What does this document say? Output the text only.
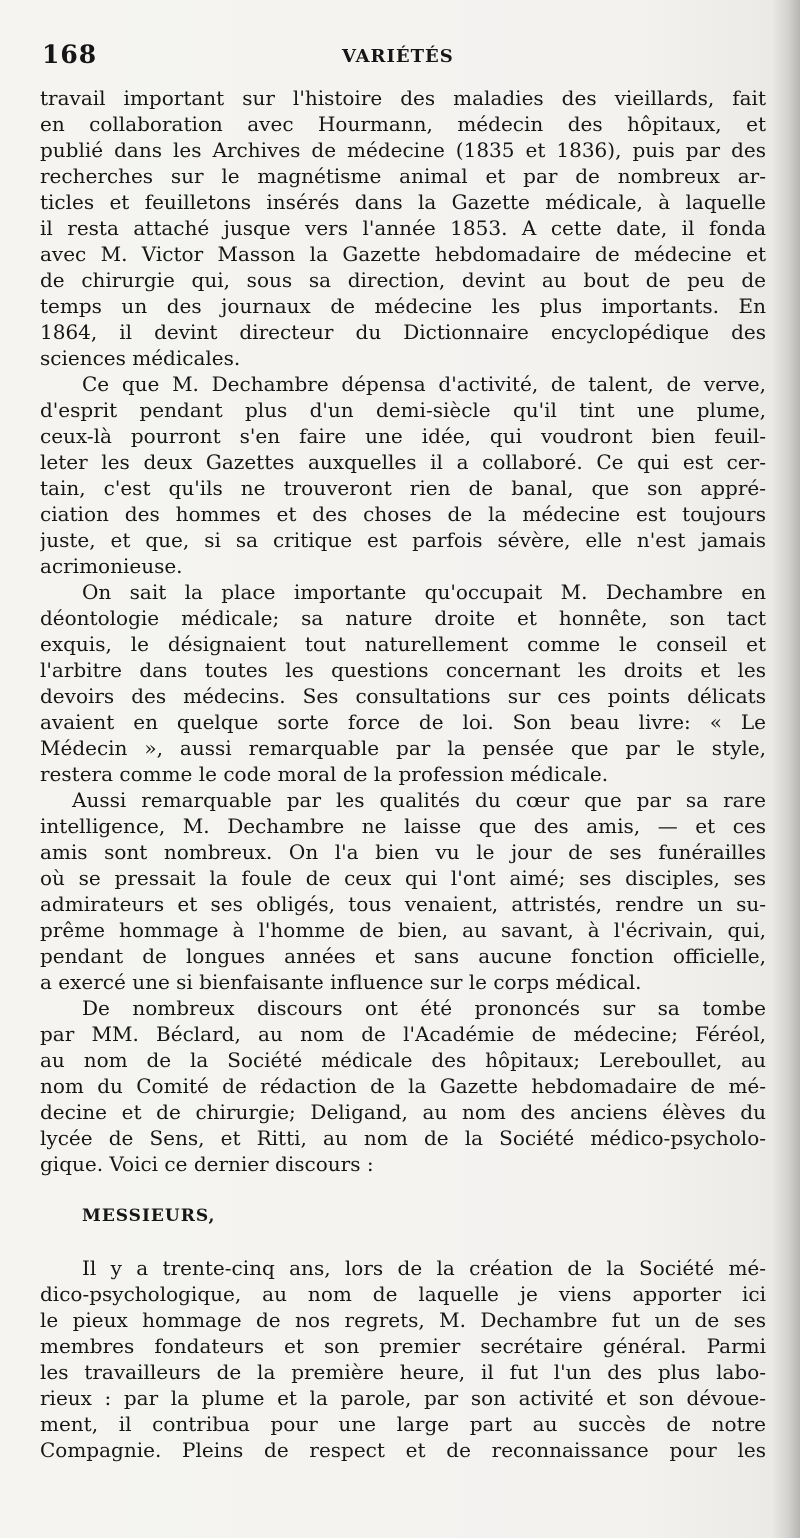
168	VARIÉTÉS
travail important sur l'histoire des maladies des vieillards, fait
en collaboration avec Hourmann, médecin des hôpitaux, et
publié dans les Archives de médecine (1835 et 1836), puis par des
recherches sur le magnétisme animal et par de nombreux ar-
ticles et feuilletons insérés dans la Gazette médicale, à laquelle
il resta attaché jusque vers l'année 1853. A cette date, il fonda
avec M. Victor Masson la Gazette hebdomadaire de médecine et
de chirurgie qui, sous sa direction, devint au bout de peu de
temps un des journaux de médecine les plus importants. En
1864, il devint directeur du Dictionnaire encyclopédique des
sciences médicales.
Ce que M. Dechambre dépensa d'activité, de talent, de verve,
d'esprit pendant plus d'un demi-siècle qu'il tint une plume,
ceux-là pourront s'en faire une idée, qui voudront bien feuil-
leter les deux Gazettes auxquelles il a collaboré. Ce qui est cer-
tain, c'est qu'ils ne trouveront rien de banal, que son appré-
ciation des hommes et des choses de la médecine est toujours
juste, et que, si sa critique est parfois sévère, elle n'est jamais
acrimonieuse.
On sait la place importante qu'occupait M. Dechambre en
déontologie médicale; sa nature droite et honnête, son tact
exquis, le désignaient tout naturellement comme le conseil et
l'arbitre dans toutes les questions concernant les droits et les
devoirs des médecins. Ses consultations sur ces points délicats
avaient en quelque sorte force de loi. Son beau livre: « Le
Médecin », aussi remarquable par la pensée que par le style,
restera comme le code moral de la profession médicale.
Aussi remarquable par les qualités du cœur que par sa rare
intelligence, M. Dechambre ne laisse que des amis, — et ces
amis sont nombreux. On l'a bien vu le jour de ses funérailles
où se pressait la foule de ceux qui l'ont aimé; ses disciples, ses
admirateurs et ses obligés, tous venaient, attristés, rendre un su-
prême hommage à l'homme de bien, au savant, à l'écrivain, qui,
pendant de longues années et sans aucune fonction officielle,
a exercé une si bienfaisante influence sur le corps médical.
De nombreux discours ont été prononcés sur sa tombe
par MM. Béclard, au nom de l'Académie de médecine; Féréol,
au nom de la Société médicale des hôpitaux; Lereboullet, au
nom du Comité de rédaction de la Gazette hebdomadaire de mé-
decine et de chirurgie; Deligand, au nom des anciens élèves du
lycée de Sens, et Ritti, au nom de la Société médico-psycholo-
gique. Voici ce dernier discours :
MESSIEURS,
Il y a trente-cinq ans, lors de la création de la Société mé-
dico-psychologique, au nom de laquelle je viens apporter ici
le pieux hommage de nos regrets, M. Dechambre fut un de ses
membres fondateurs et son premier secrétaire général. Parmi
les travailleurs de la première heure, il fut l'un des plus labo-
rieux : par la plume et la parole, par son activité et son dévoue-
ment, il contribua pour une large part au succès de notre
Compagnie. Pleins de respect et de reconnaissance pour les
